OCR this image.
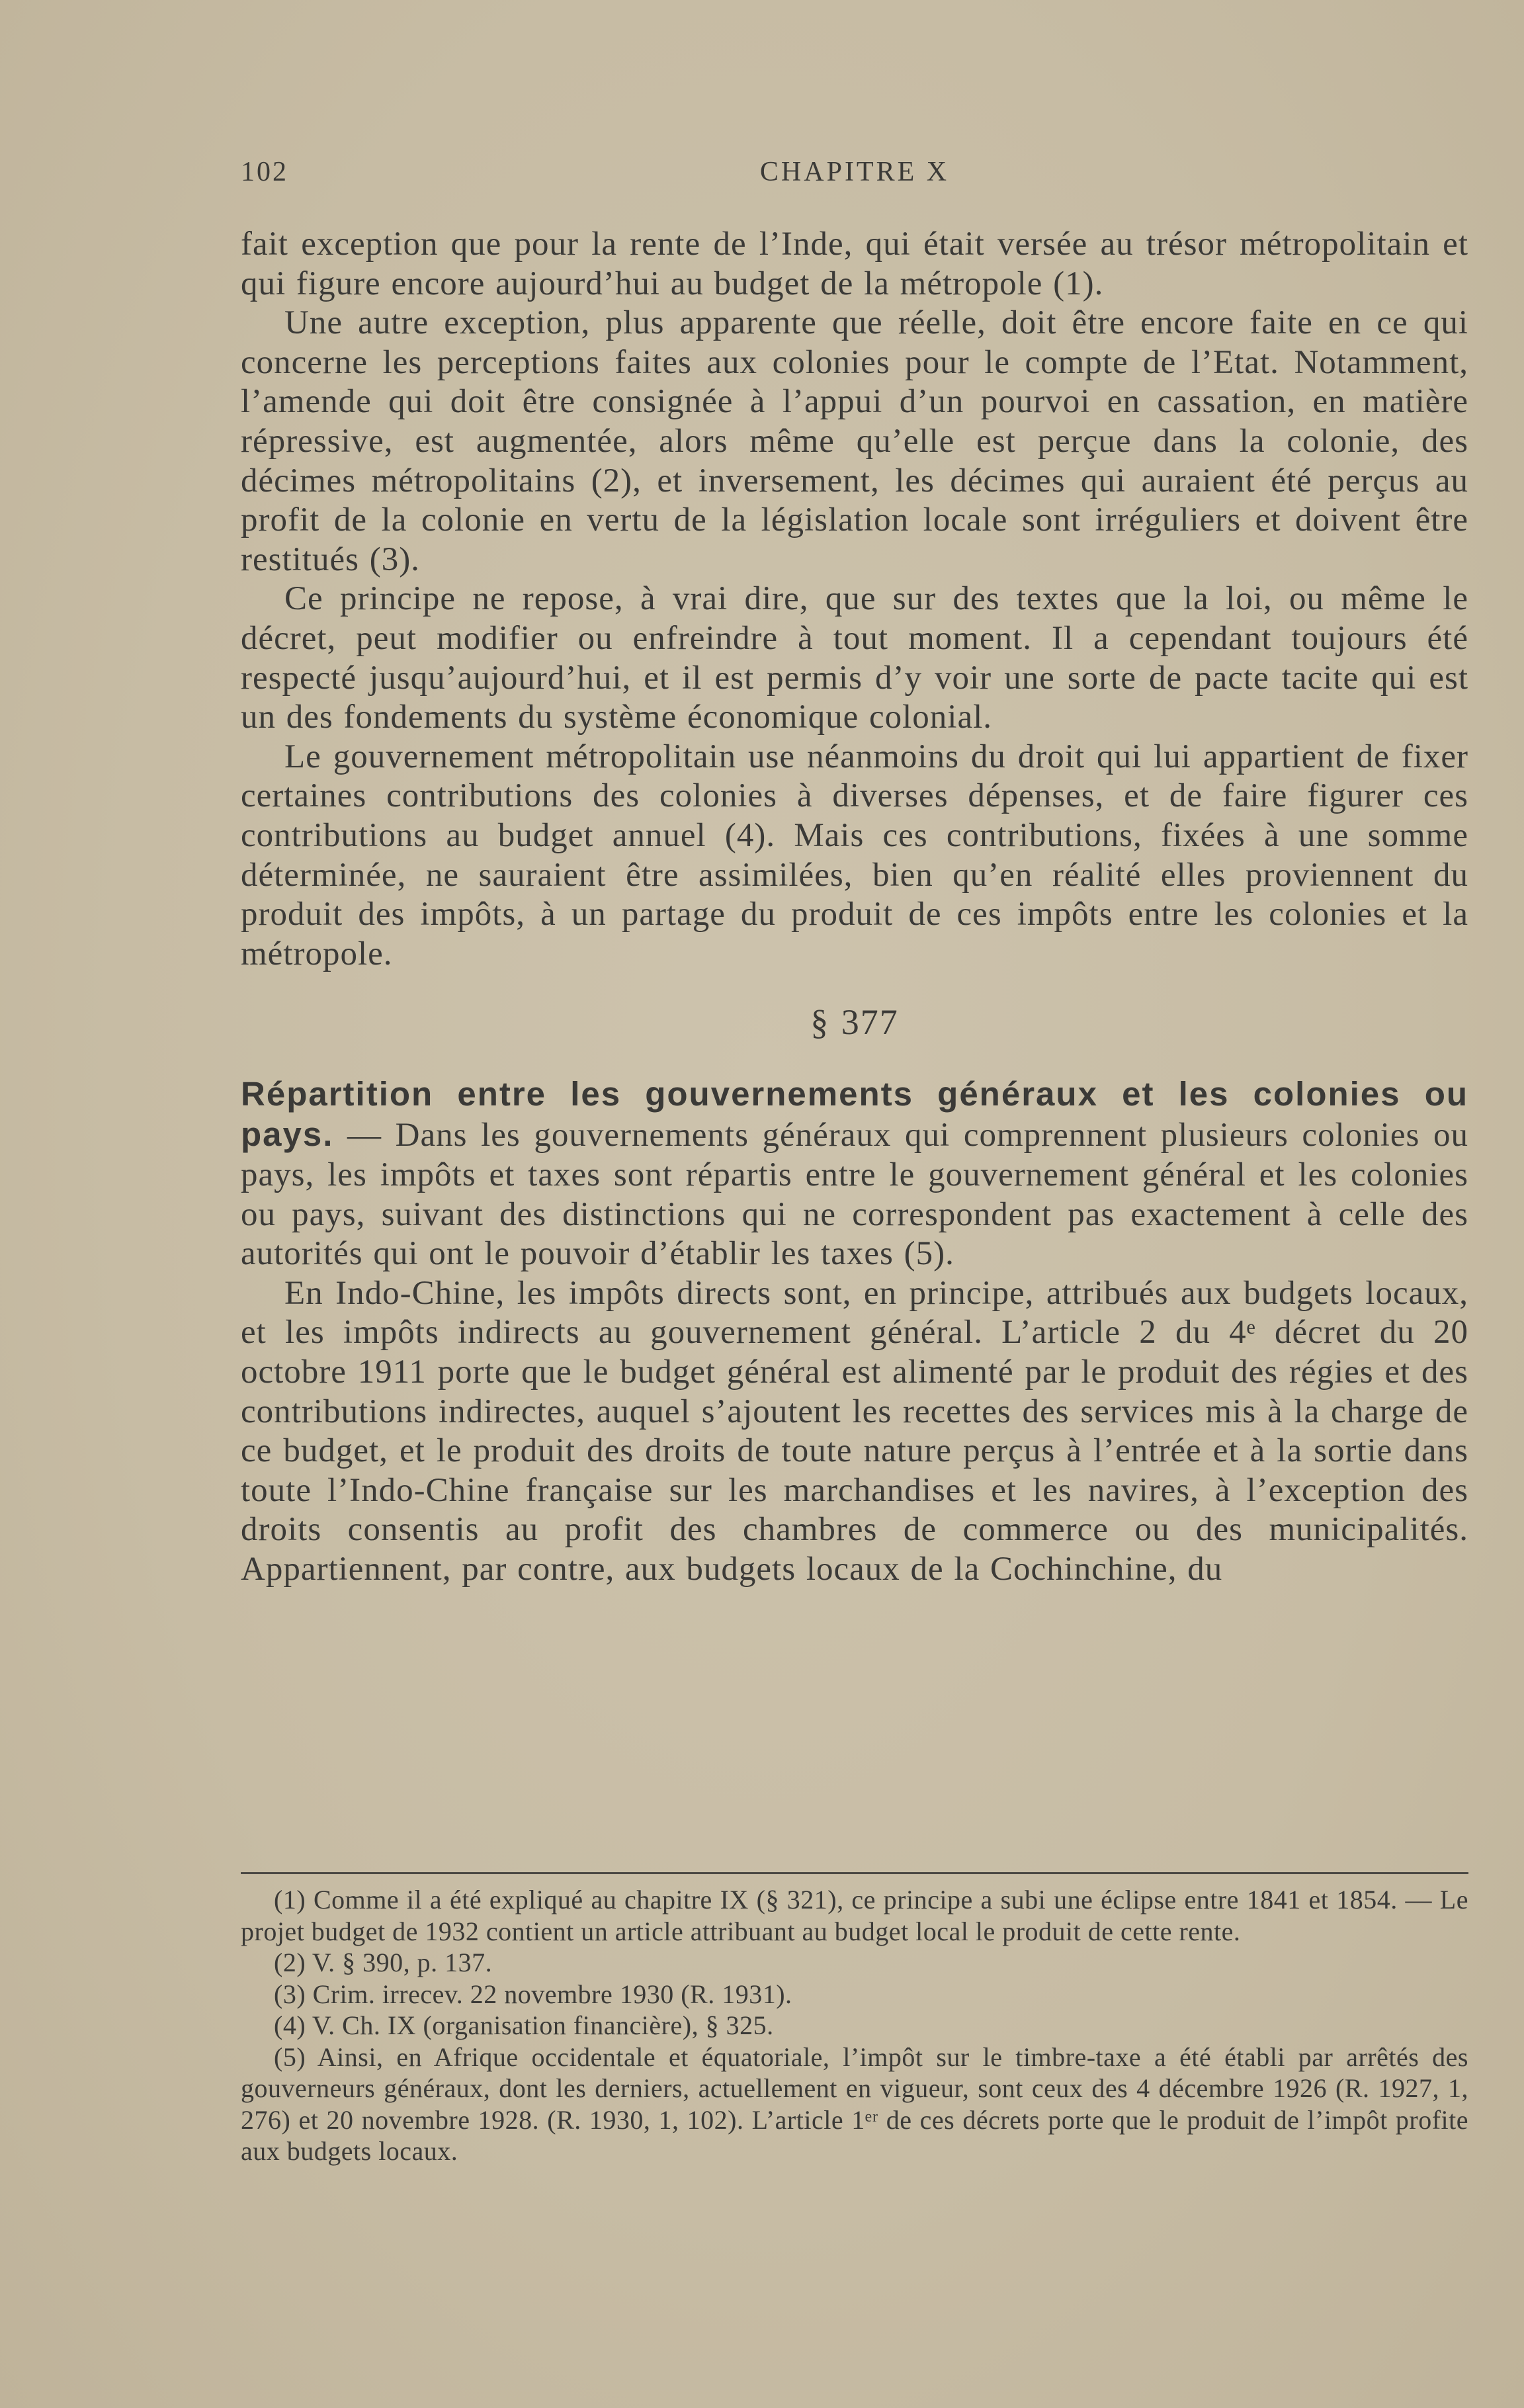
102	CHAPITRE X

fait exception que pour la rente de l’Inde, qui était versée au trésor métropolitain et qui figure encore aujourd’hui au budget de la métropole (1).

Une autre exception, plus apparente que réelle, doit être encore faite en ce qui concerne les perceptions faites aux colonies pour le compte de l’Etat. Notamment, l’amende qui doit être consignée à l’appui d’un pourvoi en cassation, en matière répressive, est augmentée, alors même qu’elle est perçue dans la colonie, des décimes métropolitains (2), et inversement, les décimes qui auraient été perçus au profit de la colonie en vertu de la législation locale sont irréguliers et doivent être restitués (3).

Ce principe ne repose, à vrai dire, que sur des textes que la loi, ou même le décret, peut modifier ou enfreindre à tout moment. Il a cependant toujours été respecté jusqu’aujourd’hui, et il est permis d’y voir une sorte de pacte tacite qui est un des fondements du système économique colonial.

Le gouvernement métropolitain use néanmoins du droit qui lui appartient de fixer certaines contributions des colonies à diverses dépenses, et de faire figurer ces contributions au budget annuel (4). Mais ces contributions, fixées à une somme déterminée, ne sauraient être assimilées, bien qu’en réalité elles proviennent du produit des impôts, à un partage du produit de ces impôts entre les colonies et la métropole.

§ 377

Répartition entre les gouvernements généraux et les colonies ou pays. — Dans les gouvernements généraux qui comprennent plusieurs colonies ou pays, les impôts et taxes sont répartis entre le gouvernement général et les colonies ou pays, suivant des distinctions qui ne correspondent pas exactement à celle des autorités qui ont le pouvoir d’établir les taxes (5).

En Indo-Chine, les impôts directs sont, en principe, attribués aux budgets locaux, et les impôts indirects au gouvernement général. L’article 2 du 4ᵉ décret du 20 octobre 1911 porte que le budget général est alimenté par le produit des régies et des contributions indirectes, auquel s’ajoutent les recettes des services mis à la charge de ce budget, et le produit des droits de toute nature perçus à l’entrée et à la sortie dans toute l’Indo-Chine française sur les marchandises et les navires, à l’exception des droits consentis au profit des chambres de commerce ou des municipalités. Appartiennent, par contre, aux budgets locaux de la Cochinchine, du

(1) Comme il a été expliqué au chapitre IX (§ 321), ce principe a subi une éclipse entre 1841 et 1854. — Le projet budget de 1932 contient un article attribuant au budget local le produit de cette rente.

(2) V. § 390, p. 137.

(3) Crim. irrecev. 22 novembre 1930 (R. 1931).

(4) V. Ch. IX (organisation financière), § 325.

(5) Ainsi, en Afrique occidentale et équatoriale, l’impôt sur le timbre-taxe a été établi par arrêtés des gouverneurs généraux, dont les derniers, actuellement en vigueur, sont ceux des 4 décembre 1926 (R. 1927, 1, 276) et 20 novembre 1928. (R. 1930, 1, 102). L’article 1ᵉʳ de ces décrets porte que le produit de l’impôt profite aux budgets locaux.
